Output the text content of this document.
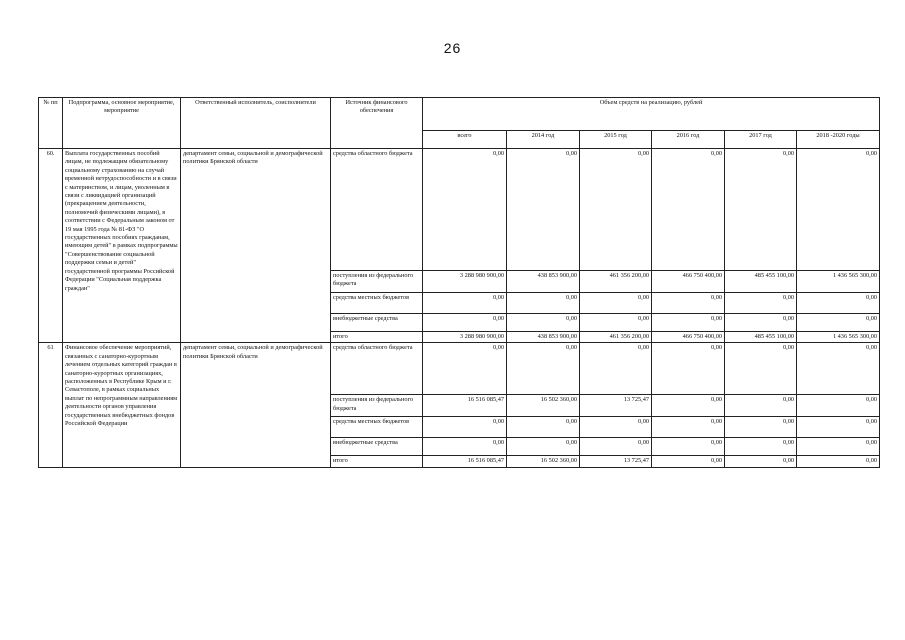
26
№ пп	Подпрограмма, основное мероприятие, мероприятие	Ответственный исполнитель, соисполнители	Источник финансового обеспечения	Объем средств на реализацию, рублей					
				всего	2014 год	2015 год	2016 год	2017 год	2018 -2020 годы
60.	Выплата государственных пособий лицам, не подлежащим обязательному социальному страхованию на случай временной нетрудоспособности и в связи с материнством, и лицам, уволенным в связи с ликвидацией организаций (прекращением деятельности, полномочий физическими лицами), в соответствии с Федеральным законом от 19 мая 1995 года № 81-ФЗ "О государственных пособиях гражданам, имеющим детей" в рамках подпрограммы "Совершенствование социальной поддержки семьи и детей" государственной программы Российской Федерации "Социальная поддержка граждан"	департамент семьи, социальной и демографической политики Брянской области	средства областного бюджета	0,00	0,00	0,00	0,00	0,00	0,00
			поступления из федерального бюджета	3 288 980 900,00	438 853 900,00	461 356 200,00	466 750 400,00	485 455 100,00	1 436 565 300,00
			средства местных бюджетов	0,00	0,00	0,00	0,00	0,00	0,00
			внебюджетные средства	0,00	0,00	0,00	0,00	0,00	0,00
			итого	3 288 980 900,00	438 853 900,00	461 356 200,00	466 750 400,00	485 455 100,00	1 436 565 300,00
61	Финансовое обеспечение мероприятий, связанных с санаторно-курортным лечением отдельных категорий граждан в санаторно-курортных организациях, расположенных в Республике Крым и г. Севастополе, в рамках социальных выплат по непрограммным направлениям деятельности органов управления государственных внебюджетных фондов Российской Федерации	департамент семьи, социальной и демографической политики Брянской области	средства областного бюджета	0,00	0,00	0,00	0,00	0,00	0,00
			поступления из федерального бюджета	16 516 085,47	16 502 360,00	13 725,47	0,00	0,00	0,00
			средства местных бюджетов	0,00	0,00	0,00	0,00	0,00	0,00
			внебюджетные средства	0,00	0,00	0,00	0,00	0,00	0,00
			итого	16 516 085,47	16 502 360,00	13 725,47	0,00	0,00	0,00
